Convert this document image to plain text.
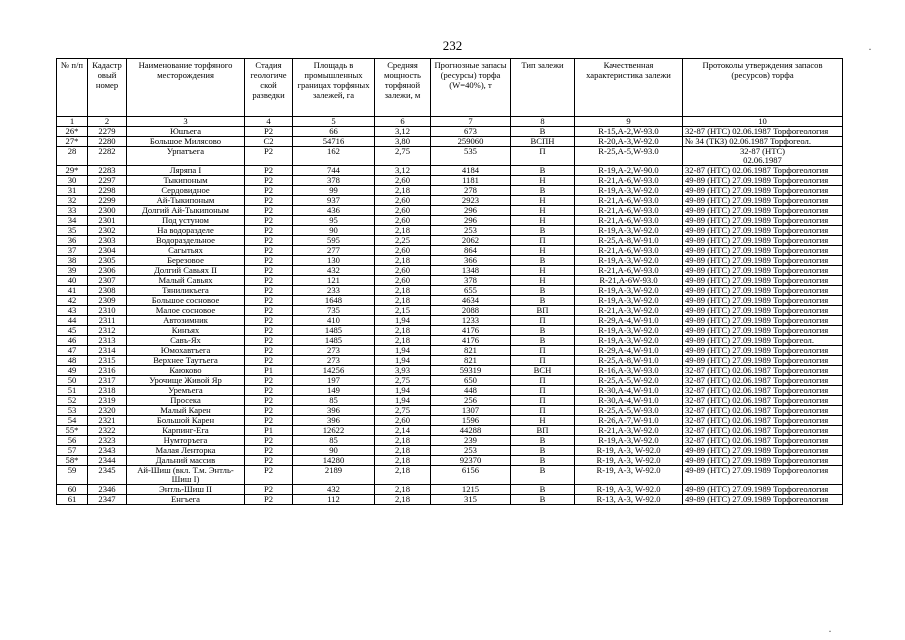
232
№ п/п	Кадастр овый номер	Наименование торфяного месторождения	Стадия геологиче ской разведки	Площадь в промышленных границах торфяных залежей, га	Средняя мощность торфяной залежи, м	Прогнозные запасы (ресурсы) торфа (W=40%), т	Тип залежи	Качественная характеристика залежи	Протоколы утверждения запасов (ресурсов) торфа
1	2	3	4	5	6	7	8	9	10
26*	2279	Юшъега	P2	66	3,12	673	В	R-15,A-2,W-93.0	32-87 (НТС) 02.06.1987 Торфогеология
27*	2280	Большое Милясово	С2	54716	3,80	259060	ВСПН	R-20,A-3,W-92.0	№ 34 (ТКЗ) 02.06.1987 Торфогеол.
28	2282	Урпатъега	P2	162	2,75	535	П	R-25,A-5,W-93.0	32-87 (НТС)
02.06.1987
29*	2283	Ляряпа I	P2	744	3,12	4184	В	R-19,A-2,W-90.0	32-87 (НТС) 02.06.1987 Торфогеология
30	2297	Тыкипоным	P2	378	2,60	1181	Н	R-21,A-6,W-93.0	49-89 (НТС) 27.09.1989 Торфогеология
31	2298	Сердовидное	P2	99	2,18	278	В	R-19,A-3,W-92.0	49-89 (НТС) 27.09.1989 Торфогеология
32	2299	Ай-Тыкипоным	P2	937	2,60	2923	Н	R-21,A-6,W-93.0	49-89 (НТС) 27.09.1989 Торфогеология
33	2300	Долгий Ай-Тыкипоным	P2	436	2,60	296	Н	R-21,A-6,W-93.0	49-89 (НТС) 27.09.1989 Торфогеология
34	2301	Под устуном	P2	95	2,60	296	Н	R-21,A-6,W-93.0	49-89 (НТС) 27.09.1989 Торфогеология
35	2302	На водоразделе	P2	90	2,18	253	В	R-19,A-3,W-92.0	49-89 (НТС) 27.09.1989 Торфогеология
36	2303	Водораздельное	P2	595	2,25	2062	П	R-25,A-8,W-91.0	49-89 (НТС) 27.09.1989 Торфогеология
37	2304	Сагытьях	P2	277	2,60	864	Н	R-21,A-6,W-93.0	49-89 (НТС) 27.09.1989 Торфогеология
38	2305	Березовое	P2	130	2,18	366	В	R-19,A-3,W-92.0	49-89 (НТС) 27.09.1989 Торфогеология
39	2306	Долгий Савьях II	P2	432	2,60	1348	Н	R-21,A-6,W-93.0	49-89 (НТС) 27.09.1989 Торфогеология
40	2307	Малый Савьях	P2	121	2,60	378	Н	R-21,A-6W-93.0	49-89 (НТС) 27.09.1989 Торфогеология
41	2308	Тяниликъега	P2	233	2,18	655	В	R-19,A-3,W-92.0	49-89 (НТС) 27.09.1989 Торфогеология
42	2309	Большое сосновое	P2	1648	2,18	4634	В	R-19,A-3,W-92.0	49-89 (НТС) 27.09.1989 Торфогеология
43	2310	Малое сосновое	P2	735	2,15	2088	ВП	R-21,A-3,W-92.0	49-89 (НТС) 27.09.1989 Торфогеология
44	2311	Автозимник	P2	410	1,94	1233	П	R-29,A-4,W-91.0	49-89 (НТС) 27.09.1989 Торфогеология
45	2312	Кинъях	P2	1485	2,18	4176	В	R-19,A-3,W-92.0	49-89 (НТС) 27.09.1989 Торфогеология
46	2313	Савъ-Ях	P2	1485	2,18	4176	В	R-19,A-3,W-92.0	49-89 (НТС) 27.09.1989 Торфогеол.
47	2314	Юмохавтъега	P2	273	1,94	821	П	R-29,A-4,W-91.0	49-89 (НТС) 27.09.1989 Торфогеология
48	2315	Верхнее Таутъега	P2	273	1,94	821	П	R-25,A-8,W-91.0	49-89 (НТС) 27.09.1989 Торфогеология
49	2316	Каюково	P1	14256	3,93	59319	ВСН	R-16,A-3,W-93.0	32-87 (НТС) 02.06.1987 Торфогеология
50	2317	Урочище Живой Яр	P2	197	2,75	650	П	R-25,A-5,W-92.0	32-87 (НТС) 02.06.1987 Торфогеология
51	2318	Уремъега	P2	149	1,94	448	П	R-30,A-4,W-91.0	32-87 (НТС) 02.06.1987 Торфогеология
52	2319	Просека	P2	85	1,94	256	П	R-30,A-4,W-91.0	32-87 (НТС) 02.06.1987 Торфогеология
53	2320	Малый Карен	P2	396	2,75	1307	П	R-25,A-5,W-93.0	32-87 (НТС) 02.06.1987 Торфогеология
54	2321	Большой Карен	P2	396	2,60	1596	Н	R-26,A-7,W-91.0	32-87 (НТС) 02.06.1987 Торфогеология
55*	2322	Карпинг-Ега	P1	12622	2,14	44288	ВП	R-21,A-3,W-92.0	32-87 (НТС) 02.06.1987 Торфогеология
56	2323	Нумторъега	P2	85	2,18	239	В	R-19,A-3,W-92.0	32-87 (НТС) 02.06.1987 Торфогеология
57	2343	Малая Ленторка	P2	90	2,18	253	В	R-19, A-3, W-92.0	49-89 (НТС) 27.09.1989 Торфогеология
58*	2344	Дальний массив	P2	14280	2,18	92370	В	R-19, A-3, W-92.0	49-89 (НТС) 27.09.1989 Торфогеология
59	2345	Ай-Шиш (вкл. Т.м. Энтль-Шиш I)	P2	2189	2,18	6156	В	R-19, A-3, W-92.0	49-89 (НТС) 27.09.1989 Торфогеология
60	2346	Энтль-Шиш II	P2	432	2,18	1215	В	R-19, A-3, W-92.0	49-89 (НТС) 27.09.1989 Торфогеология
61	2347	Енгъега	P2	112	2,18	315	В	R-13, A-3, W-92.0	49-89 (НТС) 27.09.1989 Торфогеология
·
·
